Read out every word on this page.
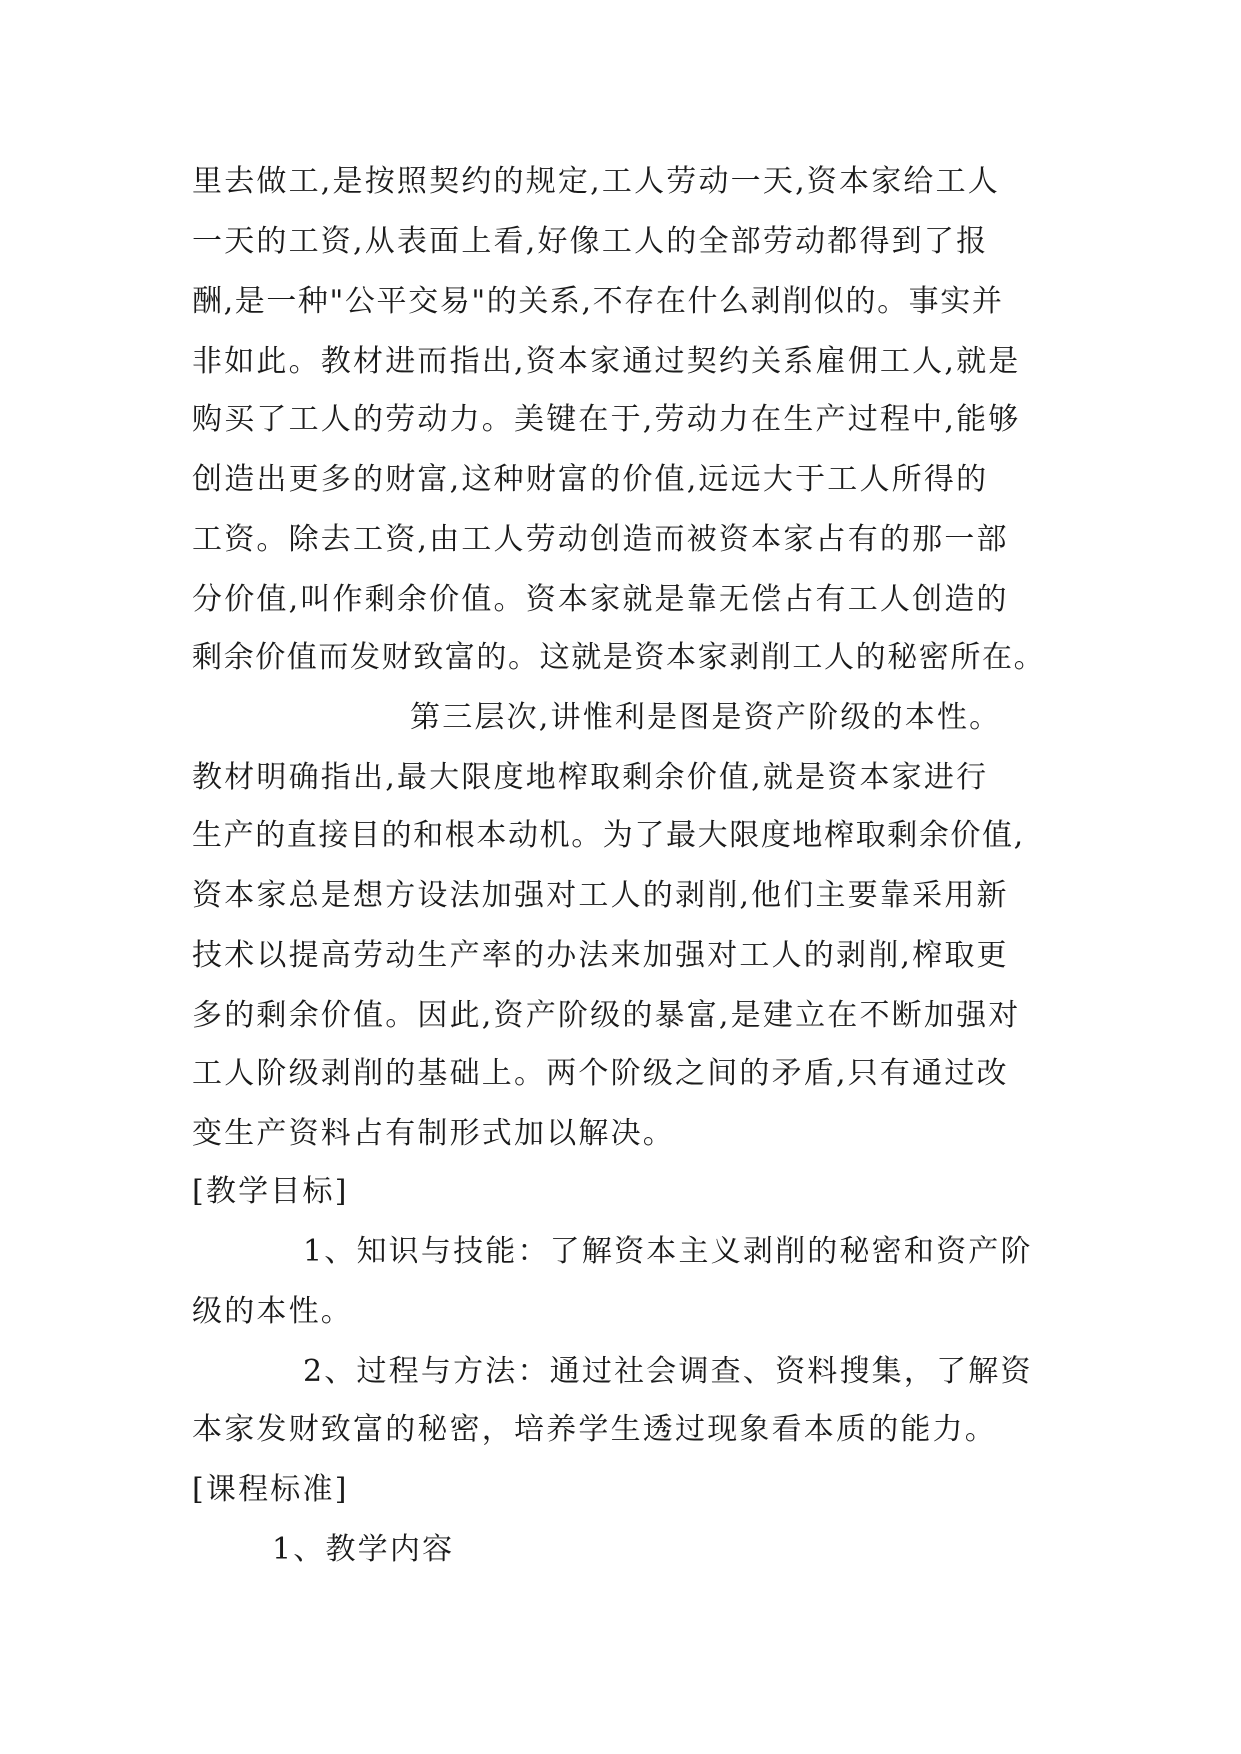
里去做工,是按照契约的规定,工人劳动一天,资本家给工人
一天的工资,从表面上看,好像工人的全部劳动都得到了报
酬,是一种"公平交易"的关系,不存在什么剥削似的。事实并
非如此。教材进而指出,资本家通过契约关系雇佣工人,就是
购买了工人的劳动力。美键在于,劳动力在生产过程中,能够
创造出更多的财富,这种财富的价值,远远大于工人所得的
工资。除去工资,由工人劳动创造而被资本家占有的那一部
分价值,叫作剩余价值。资本家就是靠无偿占有工人创造的
剩余价值而发财致富的。这就是资本家剥削工人的秘密所在。
第三层次,讲惟利是图是资产阶级的本性。
教材明确指出,最大限度地榨取剩余价值,就是资本家进行
生产的直接目的和根本动机。为了最大限度地榨取剩余价值,
资本家总是想方设法加强对工人的剥削,他们主要靠采用新
技术以提高劳动生产率的办法来加强对工人的剥削,榨取更
多的剩余价值。因此,资产阶级的暴富,是建立在不断加强对
工人阶级剥削的基础上。两个阶级之间的矛盾,只有通过改
变生产资料占有制形式加以解决。
[教学目标]
1、知识与技能：了解资本主义剥削的秘密和资产阶
级的本性。
2、过程与方法：通过社会调查、资料搜集，了解资
本家发财致富的秘密，培养学生透过现象看本质的能力。
[课程标准]
1、教学内容
